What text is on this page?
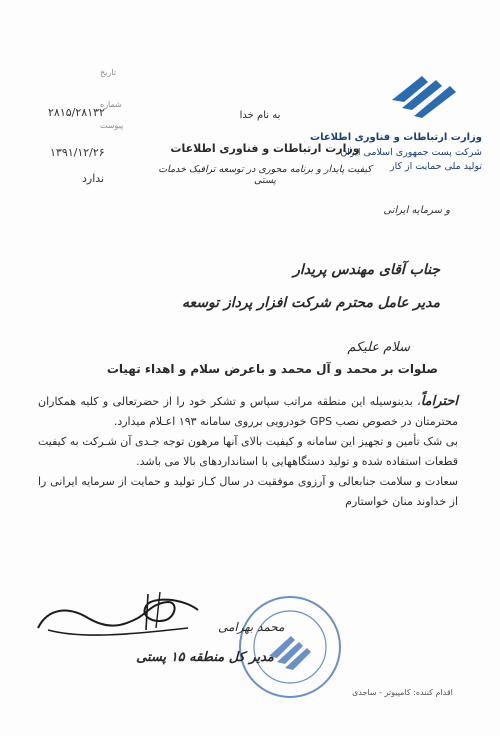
وزارت ارتباطات و فناوری اطلاعات
شرکت پست جمهوری اسلامی ایران
تولید ملی حمایت از کار
و سرمایه ایرانی
به نام خدا
وزارت ارتباطات و فناوری اطلاعات
کیفیت پایدار و برنامه محوری در توسعه ترافیک خدمات پستی
تاریخ
شماره
پیوست
۲۸۱۵/۲۸۱۳۲
۱۳۹۱/۱۲/۲۶
ندارد
جناب آقای مهندس پریدار
مدیر عامل محترم شرکت افزار پرداز توسعه
سلام علیکم
صلوات بر محمد و آل محمد و باعرض سلام و اهداء تهیات

احتراماً، بدینوسیله این منطقه مراتب سپاس و تشکر خود را از حضرتعالی و کلیه همکاران محترمتان در خصوص نصب GPS خودرویی برروی سامانه ۱۹۳ اعـلام میدارد.

بی شک تأمین و تجهیز این سامانه و کیفیت بالای آنها مرهون توجه جـدی آن شـرکت به کیفیت قطعات استفاده شده و تولید دستگاههایی با استانداردهای بالا می باشد.

سعادت و سلامت جنابعالی و آرزوی موفقیت در سال کـار تولید و حمایت از سرمایه ایرانی را از خداوند منان خواستارم

محمد بهرامی
مدیر کل منطقه ۱۵ پستی
اقدام کننده: کامپیوتر - ساجدی
